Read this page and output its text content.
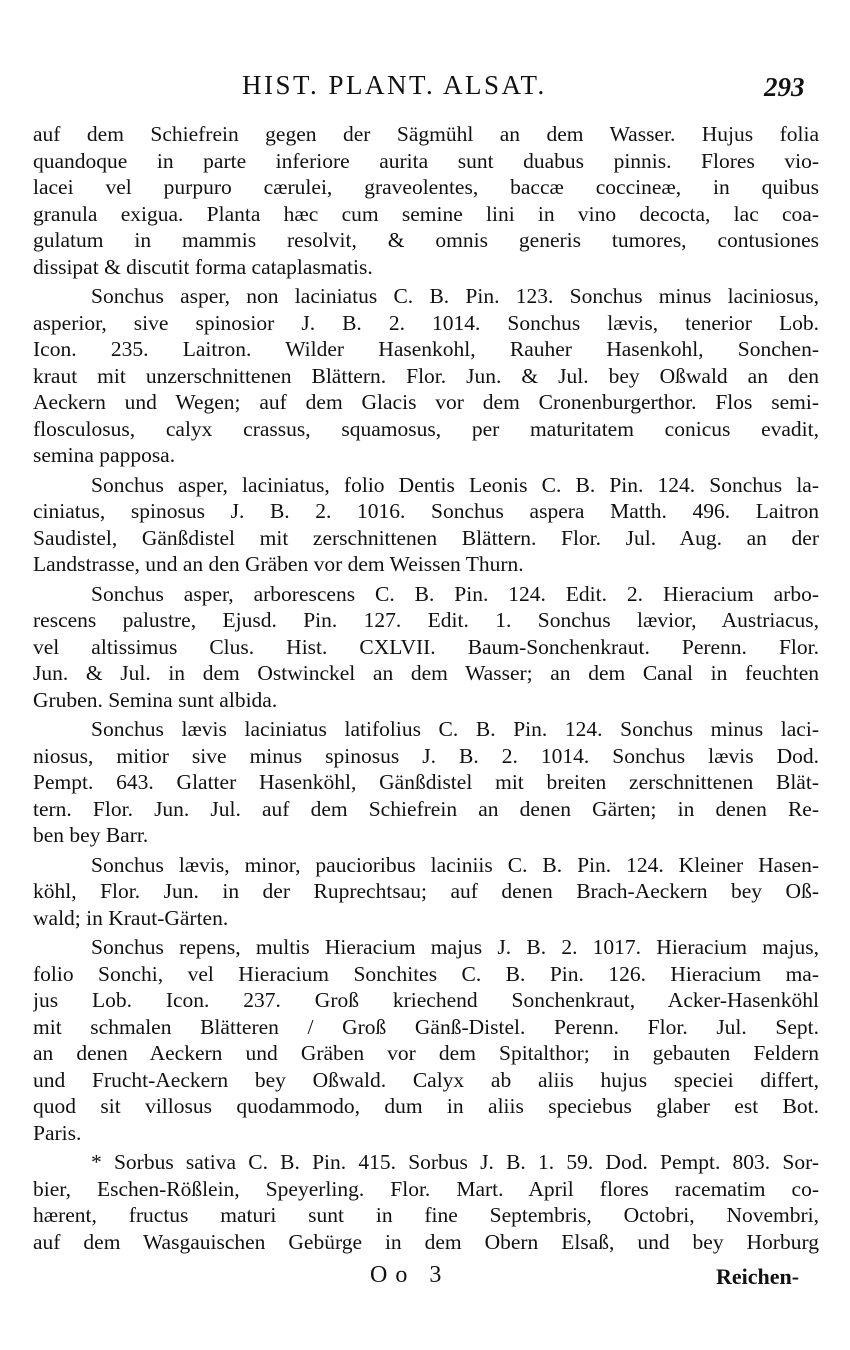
HIST. PLANT. ALSAT.	293
auf dem Schiefrein gegen der Sägmühl an dem Wasser. Hujus folia
quandoque in parte inferiore aurita sunt duabus pinnis. Flores vio-
lacei vel purpuro cærulei, graveolentes, baccæ coccineæ, in quibus
granula exigua. Planta hæc cum semine lini in vino decocta, lac coa-
gulatum in mammis resolvit, & omnis generis tumores, contusiones
dissipat & discutit forma cataplasmatis.
Sonchus asper, non laciniatus C. B. Pin. 123. Sonchus minus laciniosus,
asperior, sive spinosior J. B. 2. 1014. Sonchus lævis, tenerior Lob.
Icon. 235. Laitron. Wilder Hasenkohl, Rauher Hasenkohl, Sonchen-
kraut mit unzerschnittenen Blättern. Flor. Jun. & Jul. bey Oßwald an den
Aeckern und Wegen; auf dem Glacis vor dem Cronenburgerthor. Flos semi-
flosculosus, calyx crassus, squamosus, per maturitatem conicus evadit,
semina papposa.
Sonchus asper, laciniatus, folio Dentis Leonis C. B. Pin. 124. Sonchus la-
ciniatus, spinosus J. B. 2. 1016. Sonchus aspera Matth. 496. Laitron
Saudistel, Gänßdistel mit zerschnittenen Blättern. Flor. Jul. Aug. an der
Landstrasse, und an den Gräben vor dem Weissen Thurn.
Sonchus asper, arborescens C. B. Pin. 124. Edit. 2. Hieracium arbo-
rescens palustre, Ejusd. Pin. 127. Edit. 1. Sonchus lævior, Austriacus,
vel altissimus Clus. Hist. CXLVII. Baum-Sonchenkraut. Perenn. Flor.
Jun. & Jul. in dem Ostwinckel an dem Wasser; an dem Canal in feuchten
Gruben. Semina sunt albida.
Sonchus lævis laciniatus latifolius C. B. Pin. 124. Sonchus minus laci-
niosus, mitior sive minus spinosus J. B. 2. 1014. Sonchus lævis Dod.
Pempt. 643. Glatter Hasenköhl, Gänßdistel mit breiten zerschnittenen Blät-
tern. Flor. Jun. Jul. auf dem Schiefrein an denen Gärten; in denen Re-
ben bey Barr.
Sonchus lævis, minor, paucioribus laciniis C. B. Pin. 124. Kleiner Hasen-
köhl, Flor. Jun. in der Ruprechtsau; auf denen Brach-Aeckern bey Oß-
wald; in Kraut-Gärten.
Sonchus repens, multis Hieracium majus J. B. 2. 1017. Hieracium majus,
folio Sonchi, vel Hieracium Sonchites C. B. Pin. 126. Hieracium ma-
jus Lob. Icon. 237. Groß kriechend Sonchenkraut, Acker-Hasenköhl
mit schmalen Blätteren / Groß Gänß-Distel. Perenn. Flor. Jul. Sept.
an denen Aeckern und Gräben vor dem Spitalthor; in gebauten Feldern
und Frucht-Aeckern bey Oßwald. Calyx ab aliis hujus speciei differt,
quod sit villosus quodammodo, dum in aliis speciebus glaber est Bot.
Paris.
* Sorbus sativa C. B. Pin. 415. Sorbus J. B. 1. 59. Dod. Pempt. 803. Sor-
bier, Eschen-Rößlein, Speyerling. Flor. Mart. April flores racematim co-
hærent, fructus maturi sunt in fine Septembris, Octobri, Novembri,
auf dem Wasgauischen Gebürge in dem Obern Elsaß, und bey Horburg
Oo 3	Reichen-
